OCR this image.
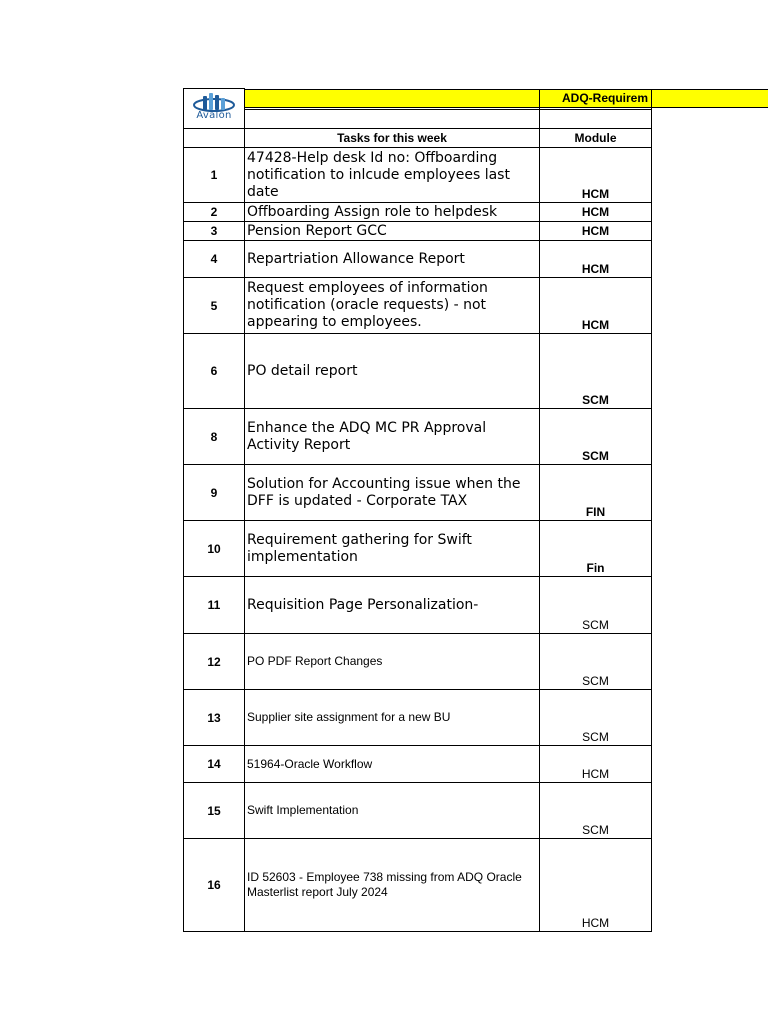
ADQ-Requirem
Avalon		

	Tasks for this week	Module
1	47428-Help desk Id no: Offboarding notification to inlcude employees last date	HCM
2	Offboarding Assign role to helpdesk	HCM
3	Pension Report GCC	HCM
4	Repartriation Allowance Report	HCM
5	Request employees of information notification (oracle requests) - not appearing to employees.	HCM
6	PO detail report	SCM
8	Enhance the ADQ MC PR Approval Activity Report	SCM
9	Solution for Accounting issue when the DFF is updated - Corporate TAX	FIN
10	Requirement gathering for Swift implementation	Fin
11	Requisition Page Personalization-	SCM
12	PO PDF Report Changes	SCM
13	Supplier site assignment for a new BU	SCM
14	51964-Oracle Workflow	HCM
15	Swift Implementation	SCM
16	ID 52603 - Employee 738 missing from ADQ Oracle Masterlist report July 2024	HCM
